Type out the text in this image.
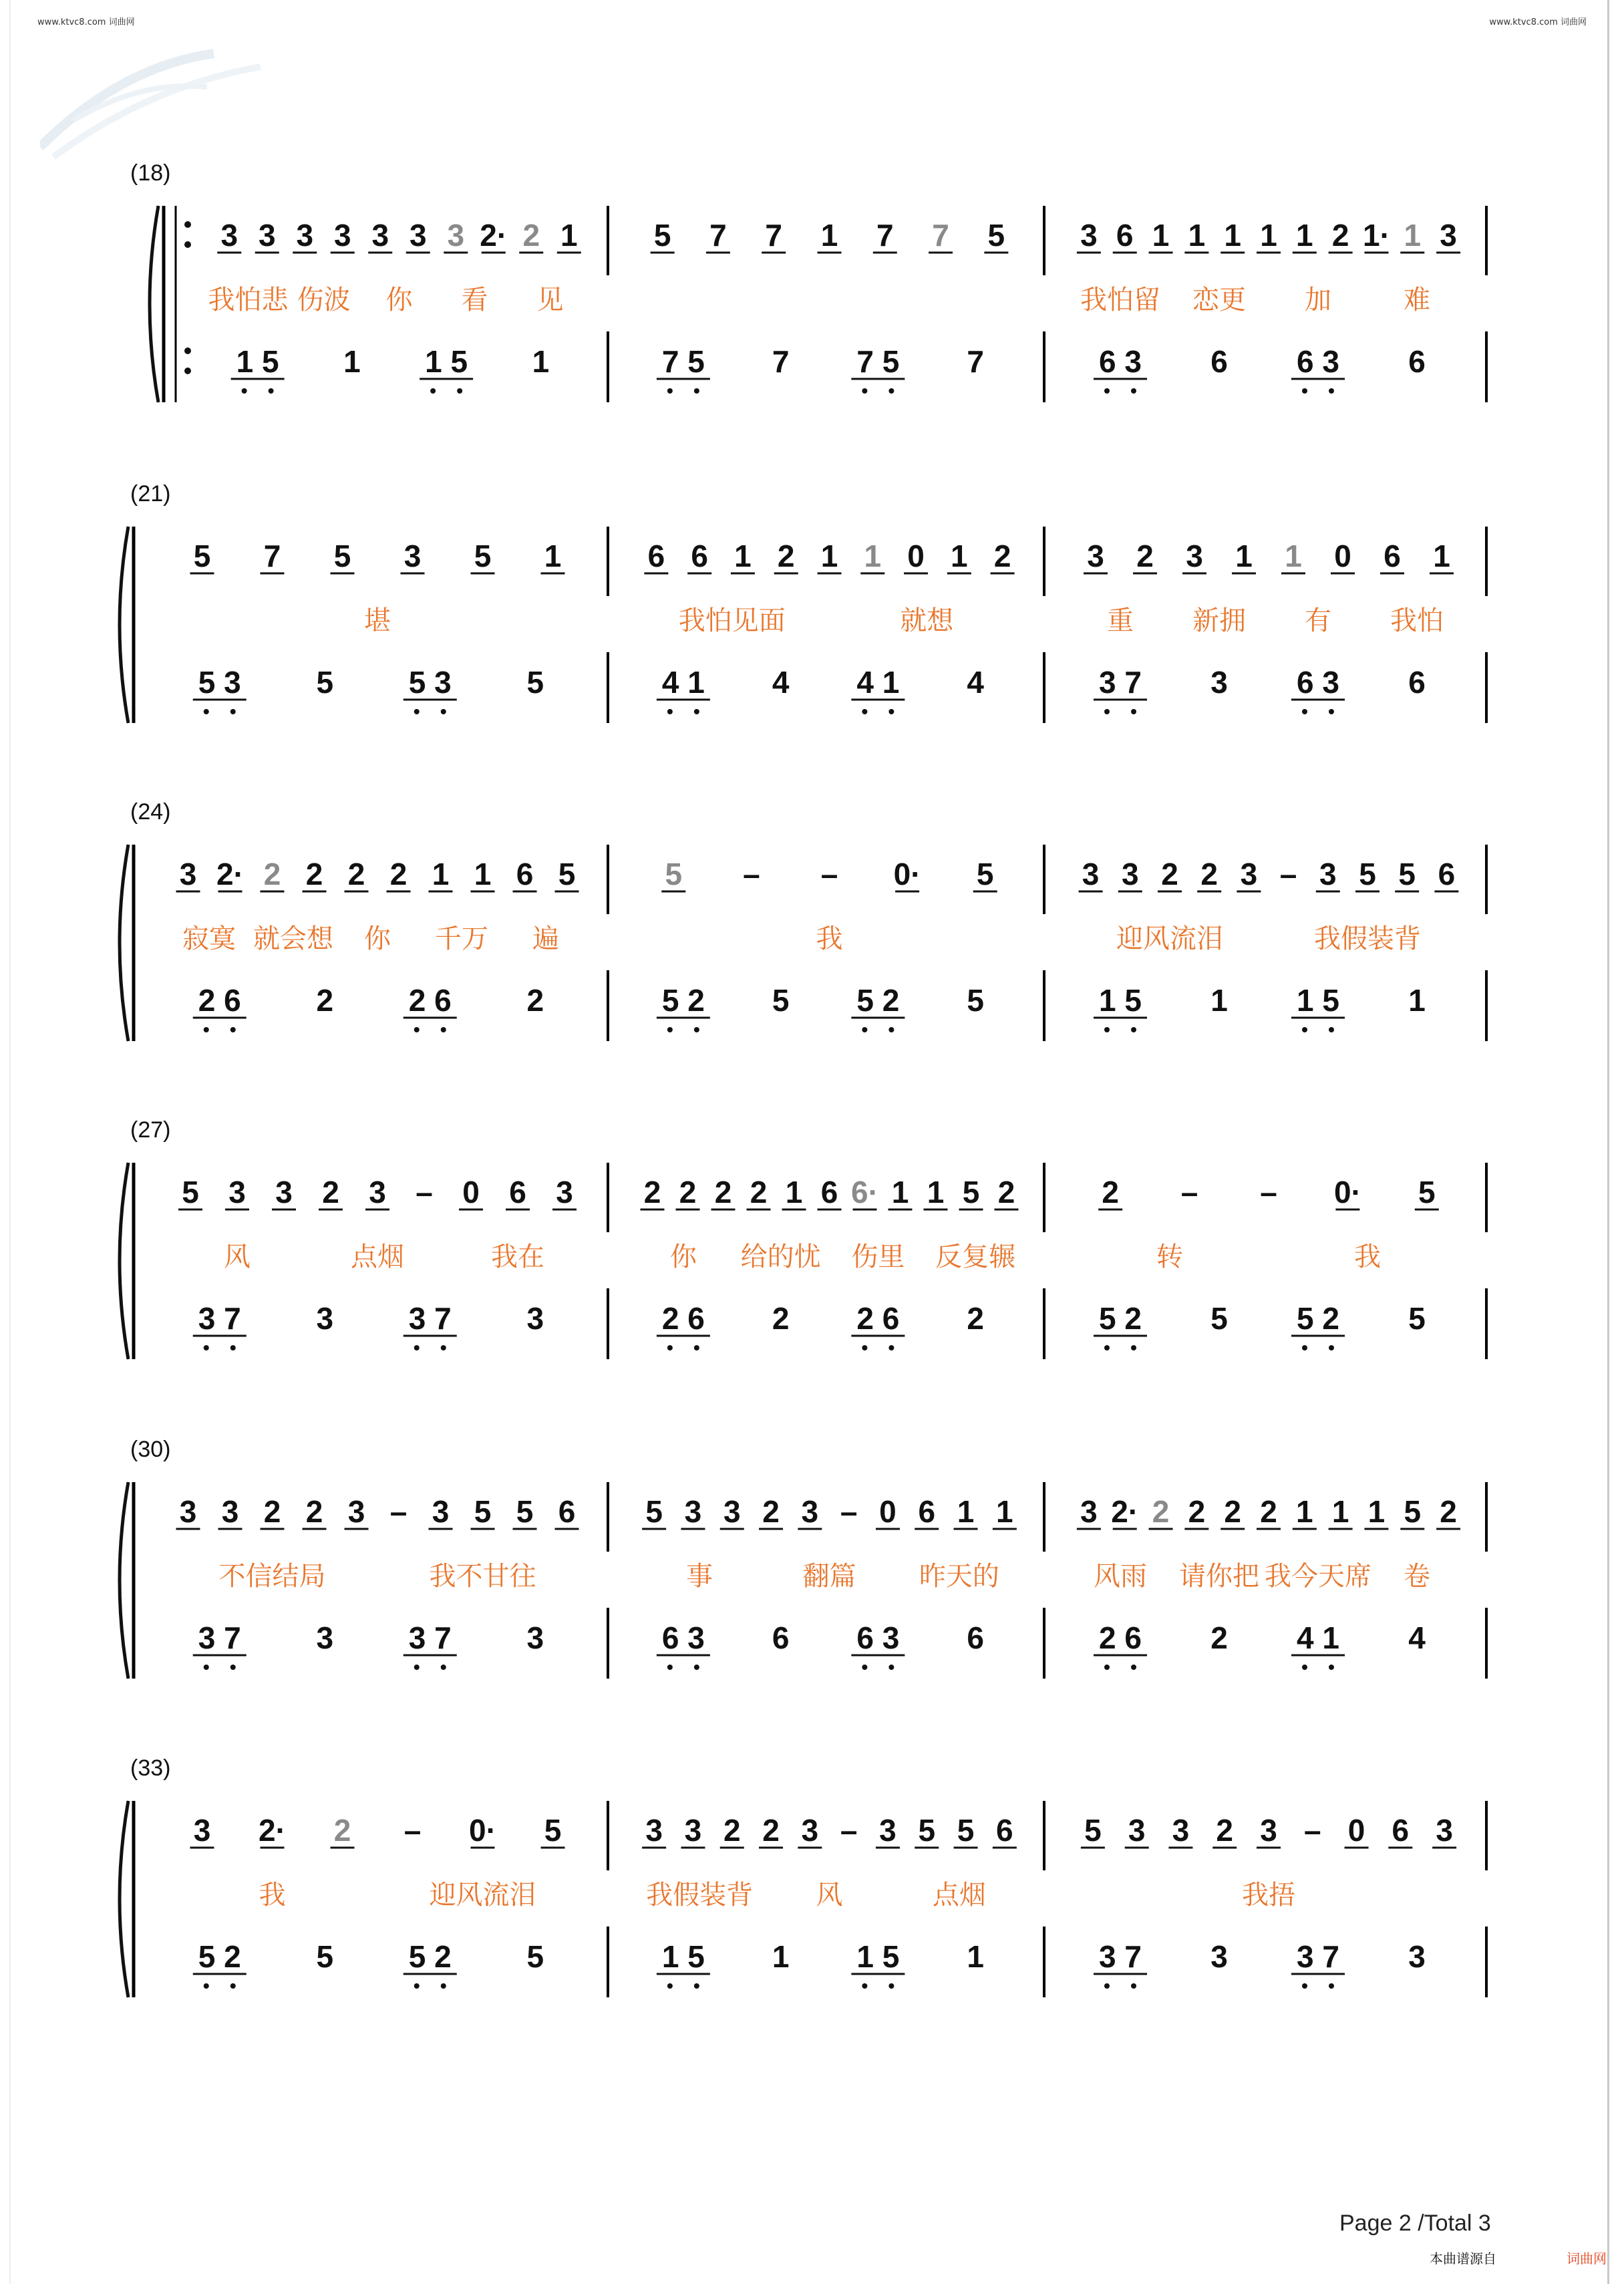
www.ktvc8.com 词曲网	www.ktvc8.com 词曲网
(18)
3 3 3 3 3 3 3 2· 2 1
我怕悲 伤波 你 看 见
1 5 1 1 5 1
5 7 7 1 7 7 5
7 5 7 7 5 7
3 6 1 1 1 1 1 2 1· 1 3
我怕留 恋更 加	难
6 3 6 6 3 6
(21)
5 7 5 3 5 1
堪
5 3 5 5 3 5
6 6 1 2 1 1 0 1 2
我怕见面	就想
4 1 4 4 1 4
3 2 3 1 1 0 6 1
重 新拥 有 我怕
3 7 3 6 3 6
(24)
3 2· 2 2 2 2 1 1 6 5
寂寞 就会想 你 千万 遍
2 6 2 2 6 2
5 – – 0· 5
我
5 2 5 5 2 5
3 3 2 2 3 – 3 5 5 6
迎风流泪	我假装背
1 5 1 1 5 1
(27)
5 3 3 2 3 – 0 6 3
风	点烟	我在
3 7 3 3 7 3
2 2 2 2 1 6 6· 1 1 5 2
你 给的忧 伤里 反复辗
2 6 2 2 6 2
2 – – 0· 5
转	我
5 2 5 5 2 5
(30)
3 3 2 2 3 – 3 5 5 6
不信结局	我不甘往
3 7 3 3 7 3
5 3 3 2 3 – 0 6 1 1
事	翻篇 昨天的
6 3 6 6 3 6
3 2· 2 2 2 2 1 1 1 5 2
风雨 请你把 我今天席 卷
2 6 2 4 1 4
(33)
3 2· 2 – 0· 5
我	迎风流泪
5 2 5 5 2 5
3 3 2 2 3 – 3 5 5 6
我假装背 风	点烟
1 5 1 1 5 1
5 3 3 2 3 – 0 6 3
我捂
3 7 3 3 7 3
Page 2 /Total 3
本曲谱源自	词曲网
